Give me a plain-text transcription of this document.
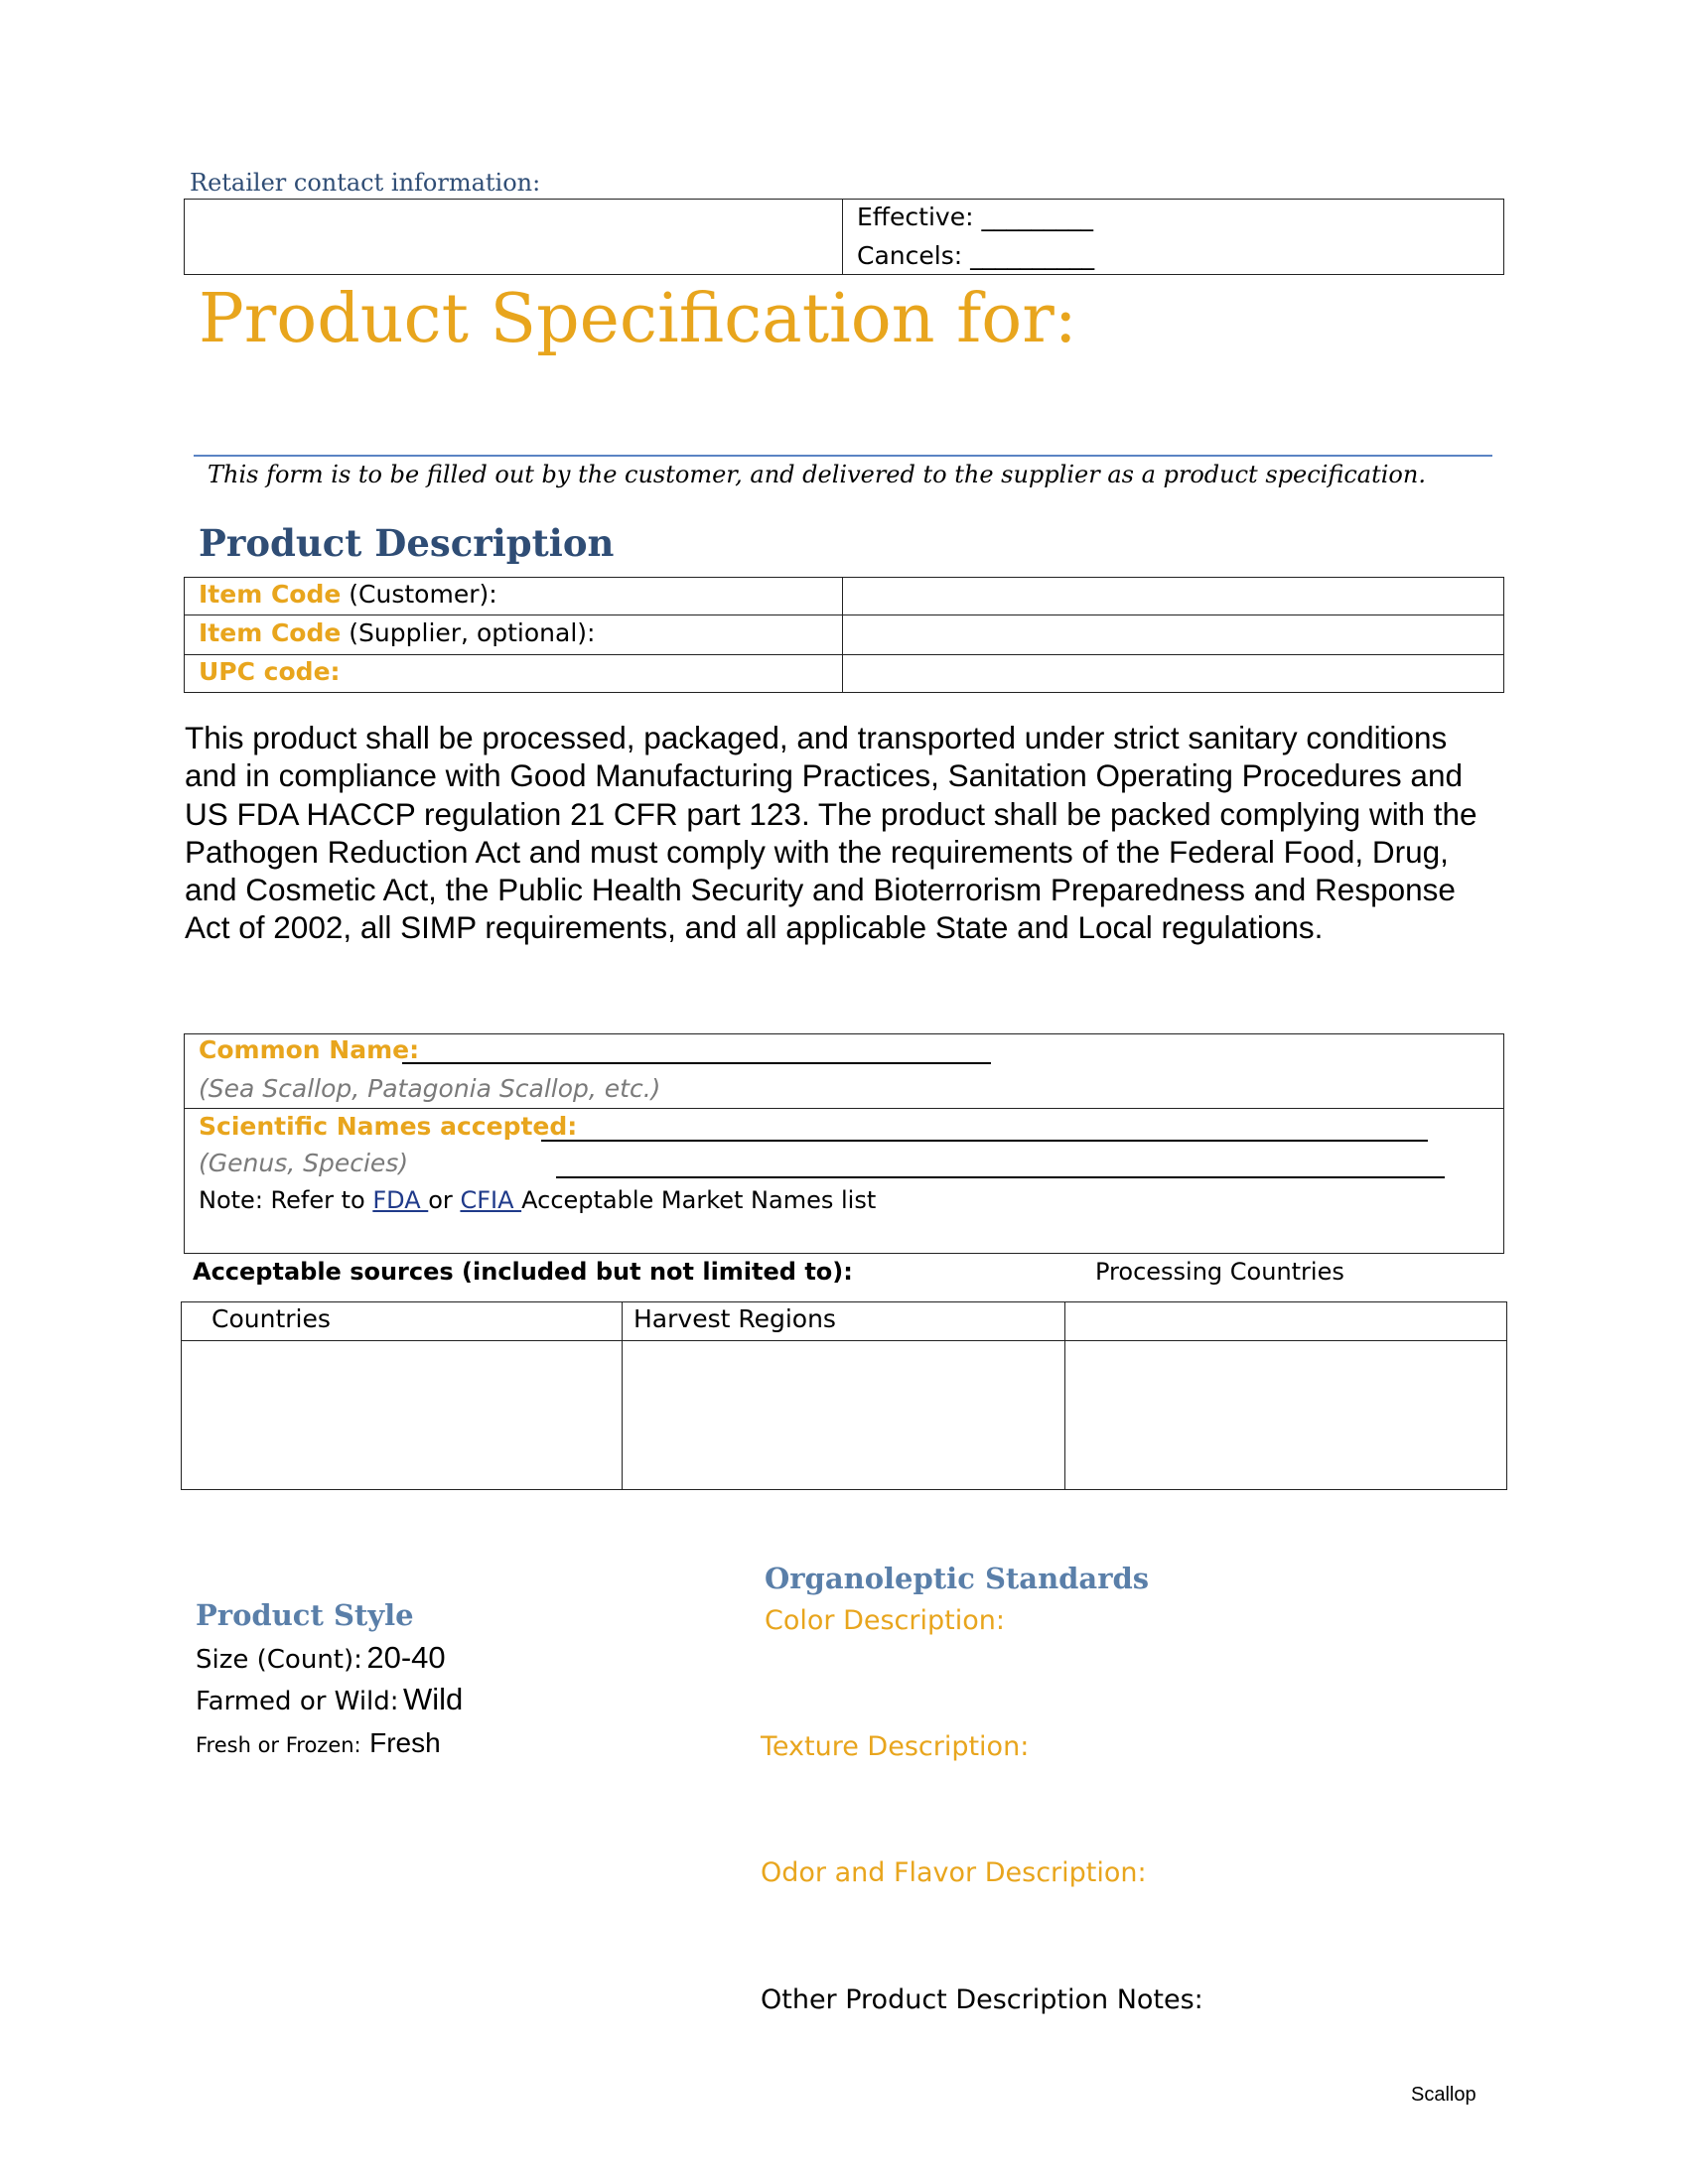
Retailer contact information:
Effective: _________
Cancels: __________
Product Specification for:
This form is to be filled out by the customer, and delivered to the supplier as a product specification.
Product Description
Item Code (Customer):
Item Code (Supplier, optional):
UPC code:
This product shall be processed, packaged, and transported under strict sanitary conditions and in compliance with Good Manufacturing Practices, Sanitation Operating Procedures and US FDA HACCP regulation 21 CFR part 123. The product shall be packed complying with the Pathogen Reduction Act and must comply with the requirements of the Federal Food, Drug, and Cosmetic Act, the Public Health Security and Bioterrorism Preparedness and Response Act of 2002, all SIMP requirements, and all applicable State and Local regulations.
Common Name:
(Sea Scallop, Patagonia Scallop, etc.)
Scientific Names accepted:
(Genus, Species)
Note: Refer to FDA or CFIA Acceptable Market Names list
Acceptable sources (included but not limited to):	Processing Countries
Countries	Harvest Regions
Product Style
Size (Count): 20-40
Farmed or Wild: Wild
Fresh or Frozen: Fresh
Organoleptic Standards
Color Description:
Texture Description:
Odor and Flavor Description:
Other Product Description Notes:
Scallop
